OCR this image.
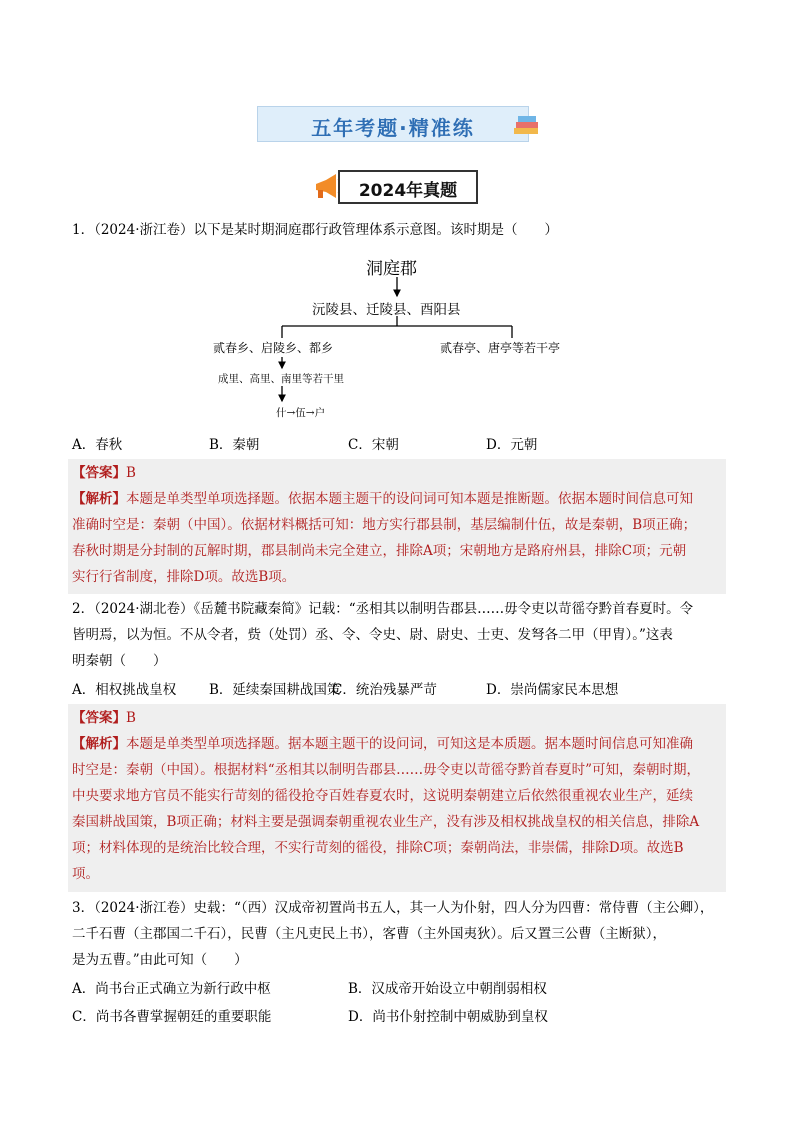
五年考题·精准练
2024年真题
1．（2024·浙江卷）以下是某时期洞庭郡行政管理体系示意图。该时期是（　　）
洞庭郡
沅陵县、迁陵县、酉阳县
贰春乡、启陵乡、都乡	贰春亭、唐亭等若干亭
成里、高里、南里等若干里
什→伍→户
A．春秋	B．秦朝	C．宋朝	D．元朝
【答案】B
【解析】本题是单类型单项选择题。依据本题主题干的设问词可知本题是推断题。依据本题时间信息可知
准确时空是：秦朝（中国）。依据材料概括可知：地方实行郡县制，基层编制什伍，故是秦朝，B项正确；
春秋时期是分封制的瓦解时期，郡县制尚未完全建立，排除A项；宋朝地方是路府州县，排除C项；元朝
实行行省制度，排除D项。故选B项。
2．（2024·湖北卷）《岳麓书院藏秦简》记载：“丞相其以制明告郡县……毋令吏以苛徭夺黔首春夏时。令
皆明焉，以为恒。不从令者，赀（处罚）丞、令、令史、尉、尉史、士吏、发弩各二甲（甲胄）。”这表
明秦朝（　　）
A．相权挑战皇权 B．延续秦国耕战国策
C．统治残暴严苛	D．崇尚儒家民本思想
【答案】B
【解析】本题是单类型单项选择题。据本题主题干的设问词，可知这是本质题。据本题时间信息可知准确
时空是：秦朝（中国）。根据材料“丞相其以制明告郡县……毋令吏以苛徭夺黔首春夏时”可知，秦朝时期，
中央要求地方官员不能实行苛刻的徭役抢夺百姓春夏农时，这说明秦朝建立后依然很重视农业生产，延续
秦国耕战国策，B项正确；材料主要是强调秦朝重视农业生产，没有涉及相权挑战皇权的相关信息，排除A
项；材料体现的是统治比较合理，不实行苛刻的徭役，排除C项；秦朝尚法，非崇儒，排除D项。故选B
项。
3．（2024·浙江卷）史载：“（西）汉成帝初置尚书五人，其一人为仆射，四人分为四曹：常侍曹（主公卿），
二千石曹（主郡国二千石），民曹（主凡吏民上书），客曹（主外国夷狄）。后又置三公曹（主断狱），
是为五曹。”由此可知（　　）
A．尚书台正式确立为新行政中枢	B．汉成帝开始设立中朝削弱相权
C．尚书各曹掌握朝廷的重要职能	D．尚书仆射控制中朝威胁到皇权
